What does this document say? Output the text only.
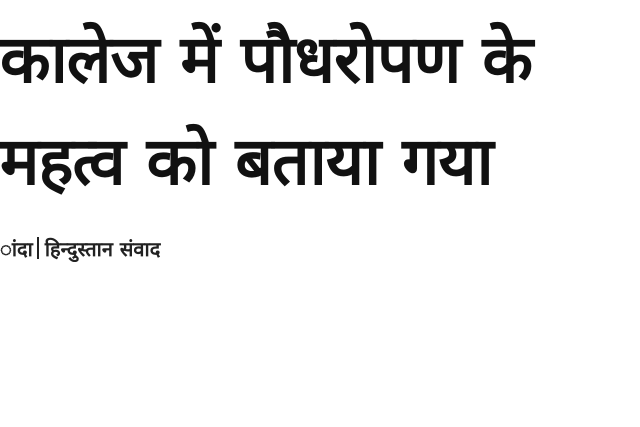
कालेज में पौधरोपण के
महत्व को बताया गया
ांदा हिन्दुस्तान संवाद
